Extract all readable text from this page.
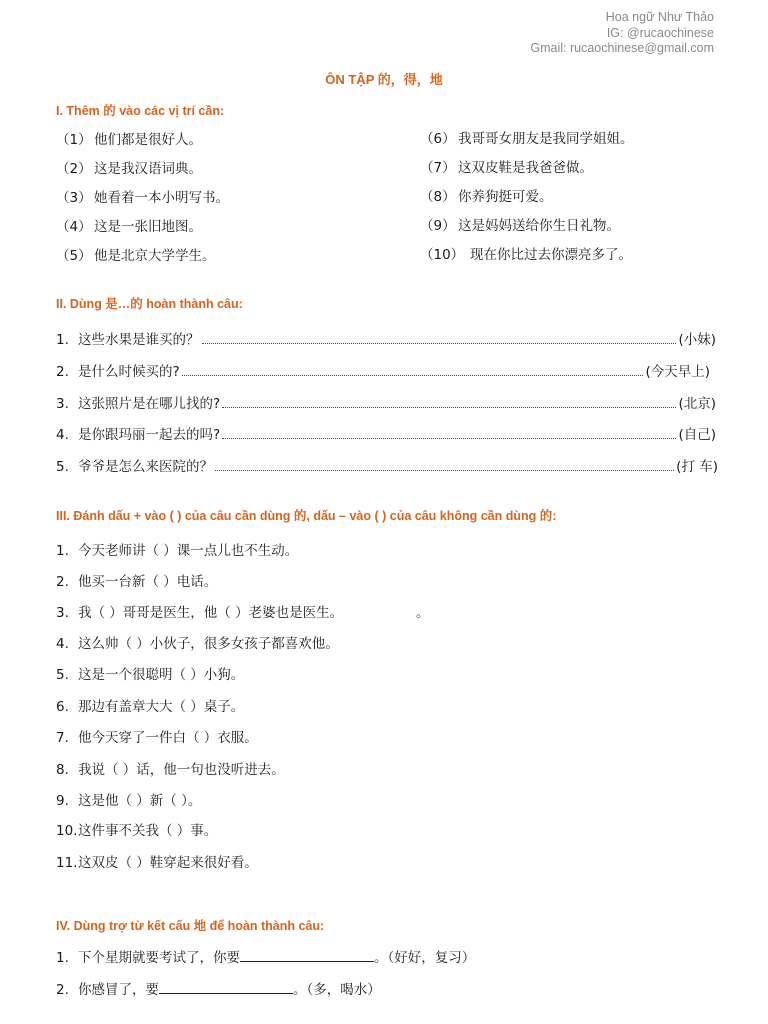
Hoa ngữ Như Thảo
IG: @rucaochinese
Gmail: rucaochinese@gmail.com
ÔN TẬP 的，得，地
I. Thêm 的 vào các vị trí cần:
（1） 他们都是很好人。
（2） 这是我汉语词典。
（3） 她看着一本小明写书。
（4） 这是一张旧地图。
（5） 他是北京大学学生。
（6） 我哥哥女朋友是我同学姐姐。
（7） 这双皮鞋是我爸爸做。
（8） 你养狗挺可爱。
（9） 这是妈妈送给你生日礼物。
（10） 现在你比过去你漂亮多了。
II. Dùng 是…的 hoàn thành câu:
1. 这些水果是谁买的？	(小妹)
2. 是什么时候买的?	(今天早上)
3. 这张照片是在哪儿找的?	(北京)
4. 是你跟玛丽一起去的吗?	(自己)
5. 爷爷是怎么来医院的？	(打 车)
III. Đánh dấu + vào ( ) của câu cần dùng 的, dấu – vào ( ) của câu không cần dùng 的:
1. 今天老师讲（ ）课一点儿也不生动。
2. 他买一台新（ ）电话。
3. 我（ ）哥哥是医生，他（ ）老婆也是医生。                 。
4. 这么帅（ ）小伙子，很多女孩子都喜欢他。
5. 这是一个很聪明（ ）小狗。
6. 那边有盖章大大（ ）桌子。
7. 他今天穿了一件白（ ）衣服。
8. 我说（ ）话，他一句也没听进去。
9. 这是他（ ）新（ ）。
10.这件事不关我（ ）事。
11.这双皮（ ）鞋穿起来很好看。
IV. Dùng trợ từ kết cấu 地 để hoàn thành câu:
1. 下个星期就要考试了，你要	。（好好，复习）
2. 你感冒了，要	。（多，喝水）
